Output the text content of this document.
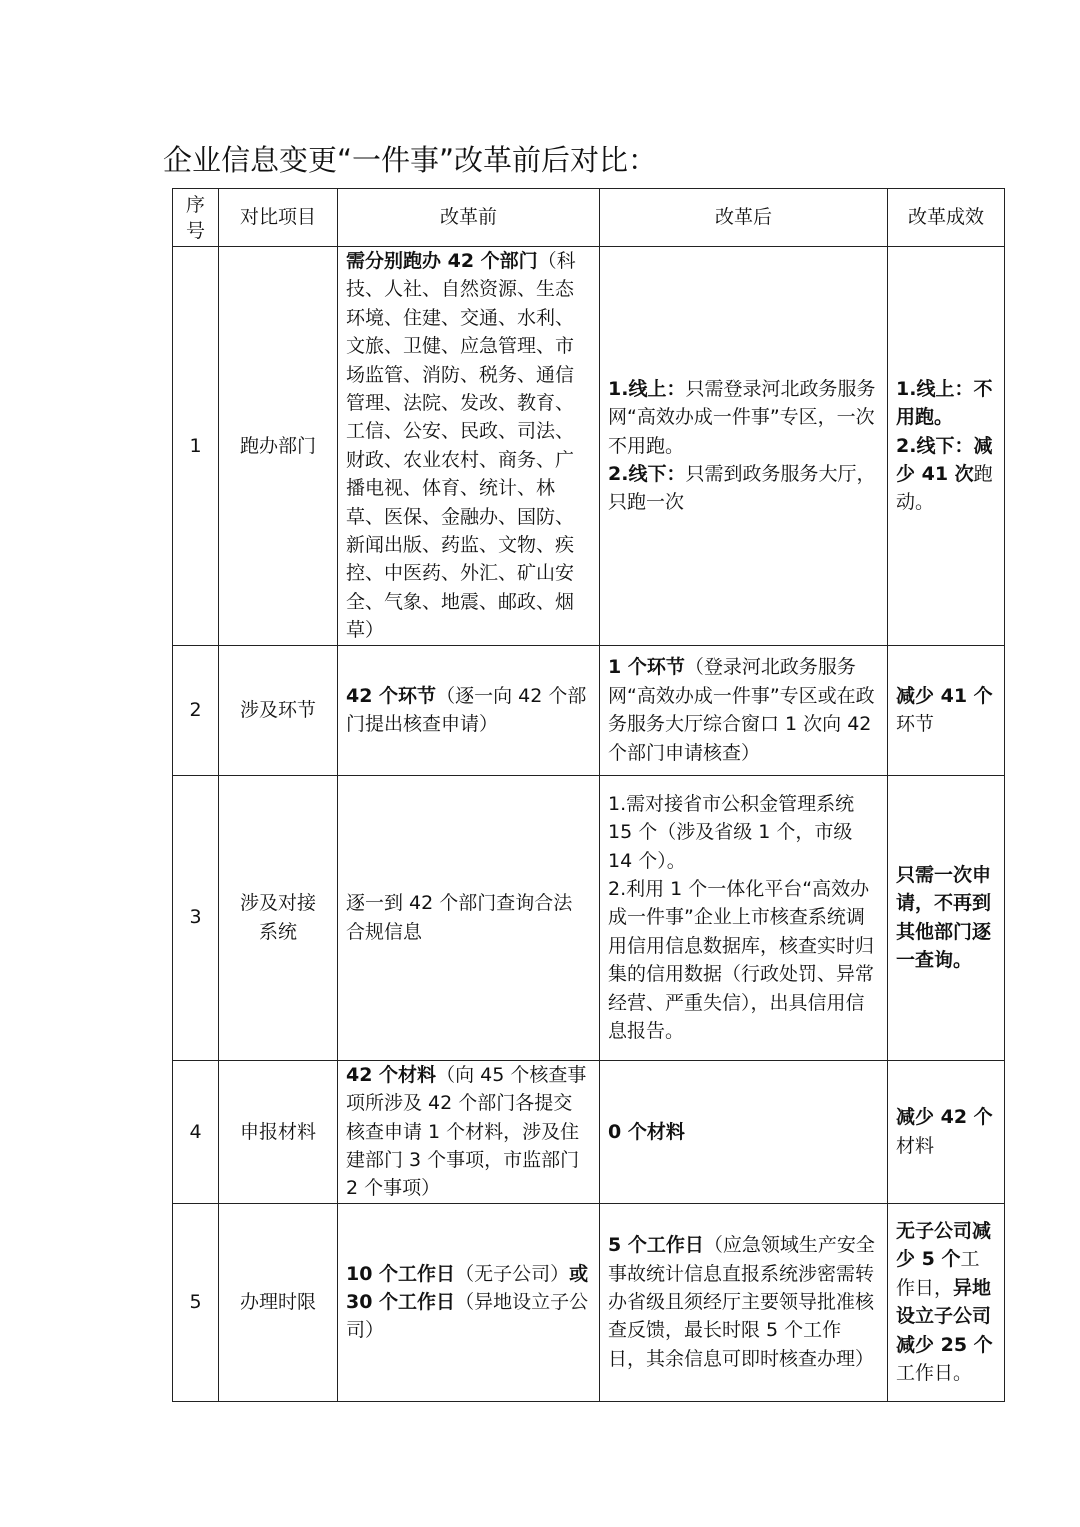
企业信息变更“一件事”改革前后对比：
序
号	对比项目	改革前	改革后	改革成效
1	跑办部门	需分别跑办 42 个部门（科技、人社、自然资源、生态环境、住建、交通、水利、文旅、卫健、应急管理、市场监管、消防、税务、通信管理、法院、发改、教育、工信、公安、民政、司法、财政、农业农村、商务、广播电视、体育、统计、林草、医保、金融办、国防、新闻出版、药监、文物、疾控、中医药、外汇、矿山安全、气象、地震、邮政、烟草）	1.线上：只需登录河北政务服务网“高效办成一件事”专区，一次不用跑。
2.线下：只需到政务服务大厅，只跑一次	1.线上：不用跑。
2.线下：减少 41 次跑动。

2	涉及环节	42 个环节（逐一向 42 个部门提出核查申请）	1 个环节（登录河北政务服务网“高效办成一件事”专区或在政务服务大厅综合窗口 1 次向 42 个部门申请核查）	减少 41 个环节
3	涉及对接
系统	逐一到 42 个部门查询合法合规信息	1.需对接省市公积金管理系统 15 个（涉及省级 1 个，市级 14 个）。
2.利用 1 个一体化平台“高效办成一件事”企业上市核查系统调用信用信息数据库，核查实时归集的信用数据（行政处罚、异常经营、严重失信），出具信用信息报告。	只需一次申请，不再到其他部门逐一查询。
4	申报材料	42 个材料（向 45 个核查事项所涉及 42 个部门各提交核查申请 1 个材料，涉及住建部门 3 个事项，市监部门 2 个事项）	0 个材料	减少 42 个材料
5	办理时限	10 个工作日（无子公司）或 30 个工作日（异地设立子公司）	5 个工作日（应急领域生产安全事故统计信息直报系统涉密需转办省级且须经厅主要领导批准核查反馈，最长时限 5 个工作日，其余信息可即时核查办理）	无子公司减少 5 个工作日，异地设立子公司减少 25 个工作日。
